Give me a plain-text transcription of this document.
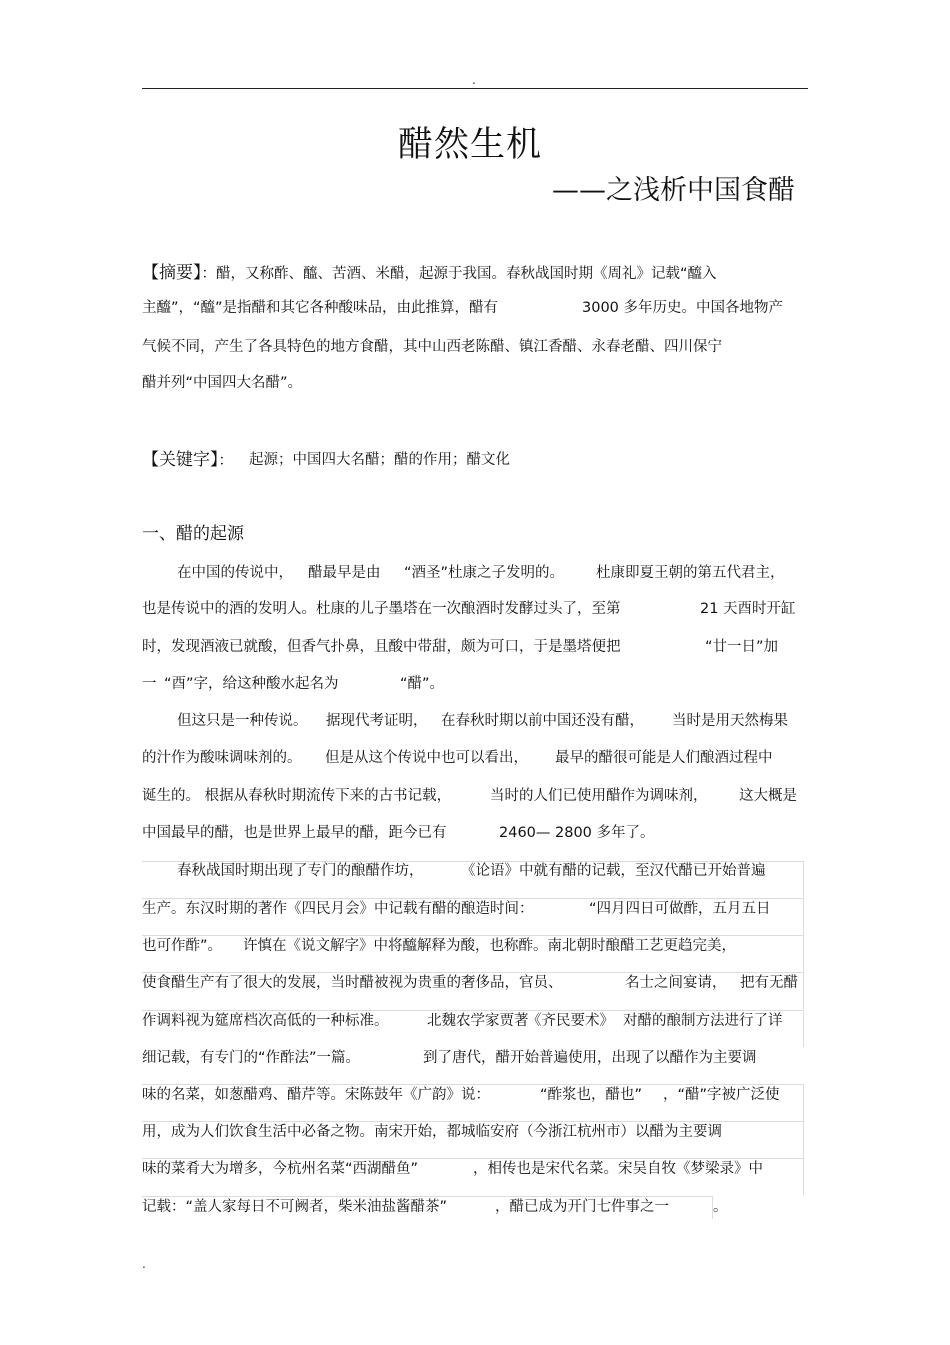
.
醋然生机
——之浅析中国食醋
【摘要】：醋，又称酢、醯、苦酒、米醋，起源于我国。春秋战国时期《周礼》记载“醯入
主醯”，“醯”是指醋和其它各种酸味品，由此推算，醋有	3000 多年历史。中国各地物产
气候不同，产生了各具特色的地方食醋，其中山西老陈醋、镇江香醋、永春老醋、四川保宁
醋并列“中国四大名醋”。
【关键字】： 起源；中国四大名醋；醋的作用；醋文化
一、醋的起源
在中国的传说中， 醋最早是由 “酒圣”杜康之子发明的。 杜康即夏王朝的第五代君主，
也是传说中的酒的发明人。杜康的儿子墨塔在一次酿酒时发酵过头了，至第	21 天酉时开缸
时，发现酒液已就酸，但香气扑鼻，且酸中带甜，颇为可口，于是墨塔便把	“廿一日”加
一 “酉”字，给这种酸水起名为	“醋”。
但这只是一种传说。 据现代考证明， 在春秋时期以前中国还没有醋， 当时是用天然梅果
的汁作为酸味调味剂的。 但是从这个传说中也可以看出， 最早的醋很可能是人们酿酒过程中
诞生的。 根据从春秋时期流传下来的古书记载，	当时的人们已使用醋作为调味剂， 这大概是
中国最早的醋，也是世界上最早的醋，距今已有	2460— 2800 多年了。
春秋战国时期出现了专门的酿醋作坊，	《论语》中就有醋的记载，至汉代醋已开始普遍
生产。东汉时期的著作《四民月会》中记载有醋的酿造时间：	“四月四日可做酢，五月五日
也可作酢”。 许慎在《说文解字》中将醯解释为酸，也称酢。南北朝时酿醋工艺更趋完美，
使食醋生产有了很大的发展，当时醋被视为贵重的奢侈品，官员、	名士之间宴请， 把有无醋
作调料视为筵席档次高低的一种标准。	北魏农学家贾著
《齐民要术》 对醋的酿制方法进行了详
细记载，有专门的“作酢法”一篇。	到了唐代，醋开始普遍使用，出现了以醋作为主要调
味的名菜，如葱醋鸡、醋芹等。宋陈鼓年《广韵》说：	“酢浆也，醋也” ，“醋”字被广泛使
用，成为人们饮食生活中必备之物。南宋开始，都城临安府（今浙江杭州市）以醋为主要调
味的菜肴大为增多，今杭州名菜“西湖醋鱼”	，相传也是宋代名菜。宋吴自牧《梦梁录》中
记载：“盖人家每日不可阙者，柴米油盐酱醋茶”	，醋已成为开门七件事之一	。
.
